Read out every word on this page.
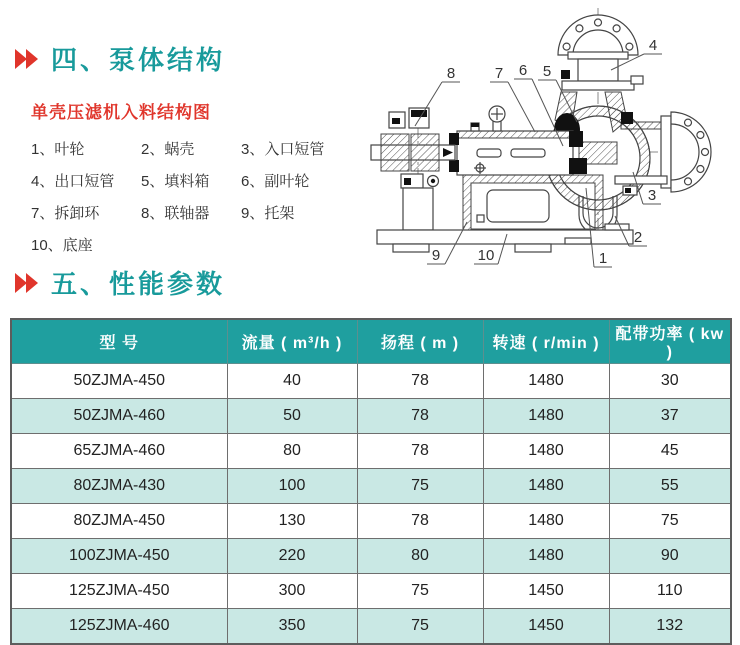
四、泵体结构
单壳压滤机入料结构图
1、叶轮	2、蜗壳	3、入口短管
4、出口短管	5、填料箱	6、副叶轮
7、拆卸环	8、联轴器	9、托架
10、底座
8	7 6 5
4
3
2
1
9 10
五、性能参数
型 号	流量 ( m³/h )	扬程 ( m )	转速 ( r/min )	配带功率 ( kw )
50ZJMA-450	40	78	1480	30
50ZJMA-460	50	78	1480	37
65ZJMA-460	80	78	1480	45
80ZJMA-430	100	75	1480	55
80ZJMA-450	130	78	1480	75
100ZJMA-450	220	80	1480	90
125ZJMA-450	300	75	1450	110
125ZJMA-460	350	75	1450	132
